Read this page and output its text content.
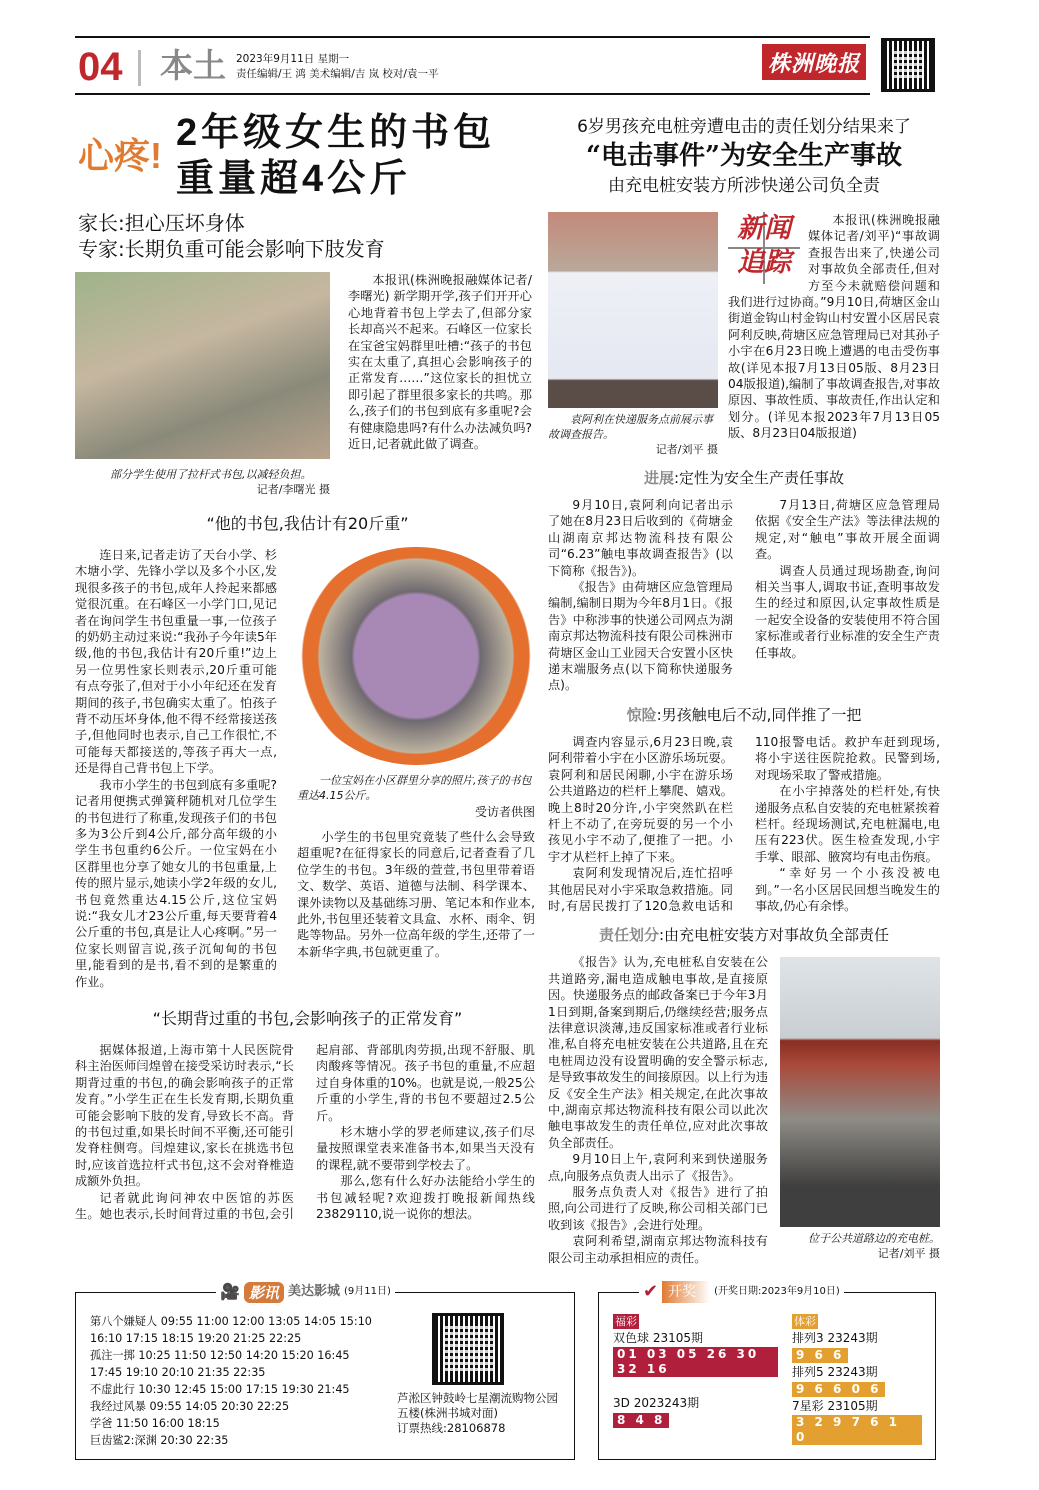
04 本土 2023年9月11日 星期一
责任编辑/王 鸿 美术编辑/吉 岚 校对/袁一平	株洲晚报
心疼!
2年级女生的书包
重量超4公斤
家长:担心压坏身体
专家:长期负重可能会影响下肢发育
部分学生使用了拉杆式书包,以减轻负担。
记者/李曙光 摄

本报讯(株洲晚报融媒体记者/李曙光) 新学期开学,孩子们开开心心地背着书包上学去了,但部分家长却高兴不起来。石峰区一位家长在宝爸宝妈群里吐槽:“孩子的书包实在太重了,真担心会影响孩子的正常发育……”这位家长的担忧立即引起了群里很多家长的共鸣。那么,孩子们的书包到底有多重呢?会有健康隐患吗?有什么办法减负吗?近日,记者就此做了调查。

“他的书包,我估计有20斤重”

连日来,记者走访了天台小学、杉木塘小学、先锋小学以及多个小区,发现很多孩子的书包,成年人拎起来都感觉很沉重。在石峰区一小学门口,见记者在询问学生书包重量一事,一位孩子的奶奶主动过来说:“我孙子今年读5年级,他的书包,我估计有20斤重!”边上另一位男性家长则表示,20斤重可能有点夸张了,但对于小小年纪还在发育期间的孩子,书包确实太重了。怕孩子背不动压坏身体,他不得不经常接送孩子,但他同时也表示,自己工作很忙,不可能每天都接送的,等孩子再大一点,还是得自己背书包上下学。

我市小学生的书包到底有多重呢?记者用便携式弹簧秤随机对几位学生的书包进行了称重,发现孩子们的书包多为3公斤到4公斤,部分高年级的小学生书包重约6公斤。一位宝妈在小区群里也分享了她女儿的书包重量,上传的照片显示,她读小学2年级的女儿,书包竟然重达4.15公斤,这位宝妈说:“我女儿才23公斤重,每天要背着4公斤重的书包,真是让人心疼啊。”另一位家长则留言说,孩子沉甸甸的书包里,能看到的是书,看不到的是繁重的作业。

一位宝妈在小区群里分享的照片,孩子的书包重达4.15公斤。
受访者供图

小学生的书包里究竟装了些什么会导致超重呢?在征得家长的同意后,记者查看了几位学生的书包。3年级的萱萱,书包里带着语文、数学、英语、道德与法制、科学课本、课外读物以及基础练习册、笔记本和作业本,此外,书包里还装着文具盒、水杯、雨伞、钥匙等物品。另外一位高年级的学生,还带了一本新华字典,书包就更重了。

“长期背过重的书包,会影响孩子的正常发育”

据媒体报道,上海市第十人民医院骨科主治医师闫煌曾在接受采访时表示,“长期背过重的书包,的确会影响孩子的正常发育。”小学生正在生长发育期,长期负重可能会影响下肢的发育,导致长不高。背的书包过重,如果长时间不平衡,还可能引发脊柱侧弯。闫煌建议,家长在挑选书包时,应该首选拉杆式书包,这不会对脊椎造成额外负担。

记者就此询问神农中医馆的苏医生。她也表示,长时间背过重的书包,会引起肩部、背部肌肉劳损,出现不舒服、肌肉酸疼等情况。孩子书包的重量,不应超过自身体重的10%。也就是说,一般25公斤重的小学生,背的书包不要超过2.5公斤。

杉木塘小学的罗老师建议,孩子们尽量按照课堂表来准备书本,如果当天没有的课程,就不要带到学校去了。

那么,您有什么好办法能给小学生的书包减轻呢?欢迎拨打晚报新闻热线23829110,说一说你的想法。

6岁男孩充电桩旁遭电击的责任划分结果来了
“电击事件”为安全生产事故
由充电桩安装方所涉快递公司负全责
袁阿利在快递服务点前展示事故调查报告。
记者/刘平 摄
新闻
追踪

本报讯(株洲晚报融媒体记者/刘平)“事故调查报告出来了,快递公司对事故负全部责任,但对方至今未就赔偿问题和我们进行过协商。”9月10日,荷塘区金山街道金钩山村金钩山村安置小区居民袁阿利反映,荷塘区应急管理局已对其孙子小宇在6月23日晚上遭遇的电击受伤事故(详见本报7月13日05版、8月23日04版报道),编制了事故调查报告,对事故原因、事故性质、事故责任,作出认定和划分。(详见本报2023年7月13日05版、8月23日04版报道)

进展:定性为安全生产责任事故

9月10日,袁阿利向记者出示了她在8月23日后收到的《荷塘金山湖南京邦达物流科技有限公司“6.23”触电事故调查报告》(以下简称《报告》)。

《报告》由荷塘区应急管理局编制,编制日期为今年8月1日。《报告》中称涉事的快递公司网点为湖南京邦达物流科技有限公司株洲市荷塘区金山工业园天合安置小区快递末端服务点(以下简称快递服务点)。

7月13日,荷塘区应急管理局依据《安全生产法》等法律法规的规定,对“触电”事故开展全面调查。

调查人员通过现场勘查,询问相关当事人,调取书证,查明事故发生的经过和原因,认定事故性质是一起安全设备的安装使用不符合国家标准或者行业标准的安全生产责任事故。

惊险:男孩触电后不动,同伴推了一把

调查内容显示,6月23日晚,袁阿利带着小宇在小区游乐场玩耍。袁阿利和居民闲聊,小宇在游乐场公共道路边的栏杆上攀爬、嬉戏。晚上8时20分许,小宇突然趴在栏杆上不动了,在旁玩耍的另一个小孩见小宇不动了,便推了一把。小宇才从栏杆上掉了下来。

袁阿利发现情况后,连忙招呼其他居民对小宇采取急救措施。同时,有居民拨打了120急救电话和110报警电话。救护车赶到现场,将小宇送往医院抢救。民警到场,对现场采取了警戒措施。

在小宇掉落处的栏杆处,有快递服务点私自安装的充电桩紧挨着栏杆。经现场测试,充电桩漏电,电压有223伏。医生检查发现,小宇手掌、眼部、腋窝均有电击伤痕。

“幸好另一个小孩没被电到。”一名小区居民回想当晚发生的事故,仍心有余悸。

责任划分:由充电桩安装方对事故负全部责任

《报告》认为,充电桩私自安装在公共道路旁,漏电造成触电事故,是直接原因。快递服务点的邮政备案已于今年3月1日到期,备案到期后,仍继续经营;服务点法律意识淡薄,违反国家标准或者行业标准,私自将充电桩安装在公共道路,且在充电桩周边没有设置明确的安全警示标志,是导致事故发生的间接原因。以上行为违反《安全生产法》相关规定,在此次事故中,湖南京邦达物流科技有限公司以此次触电事故发生的责任单位,应对此次事故负全部责任。

9月10日上午,袁阿利来到快递服务点,向服务点负责人出示了《报告》。

服务点负责人对《报告》进行了拍照,向公司进行了反映,称公司相关部门已收到该《报告》,会进行处理。

袁阿利希望,湖南京邦达物流科技有限公司主动承担相应的责任。

位于公共道路边的充电桩。
记者/刘平 摄
🎥 影讯 美达影城 (9月11日)
第八个嫌疑人 09:55 11:00 12:00 13:05 14:05 15:10 16:10 17:15 18:15 19:20 21:25 22:25
孤注一掷 10:25 11:50 12:50 14:20 15:20 16:45 17:45 19:10 20:10 21:35 22:35
不虚此行 10:30 12:45 15:00 17:15 19:30 21:45
我经过风暴 09:55 14:05 20:30 22:25
学爸 11:50 16:00 18:15
巨齿鲨2:深渊 20:30 22:35
芦淞区钟鼓岭七星潮流购物公园五楼(株洲书城对面)
订票热线:28106878
✔ 开奖	(开奖日期:2023年9月10日)
福彩
双色球 23105期
01 03 05 26 30 32 16
3D 2023243期
8 4 8
体彩
排列3 23243期
9 6 6
排列5 23243期
9 6 6 0 6
7星彩 23105期
3 2 9 7 6 1 0
